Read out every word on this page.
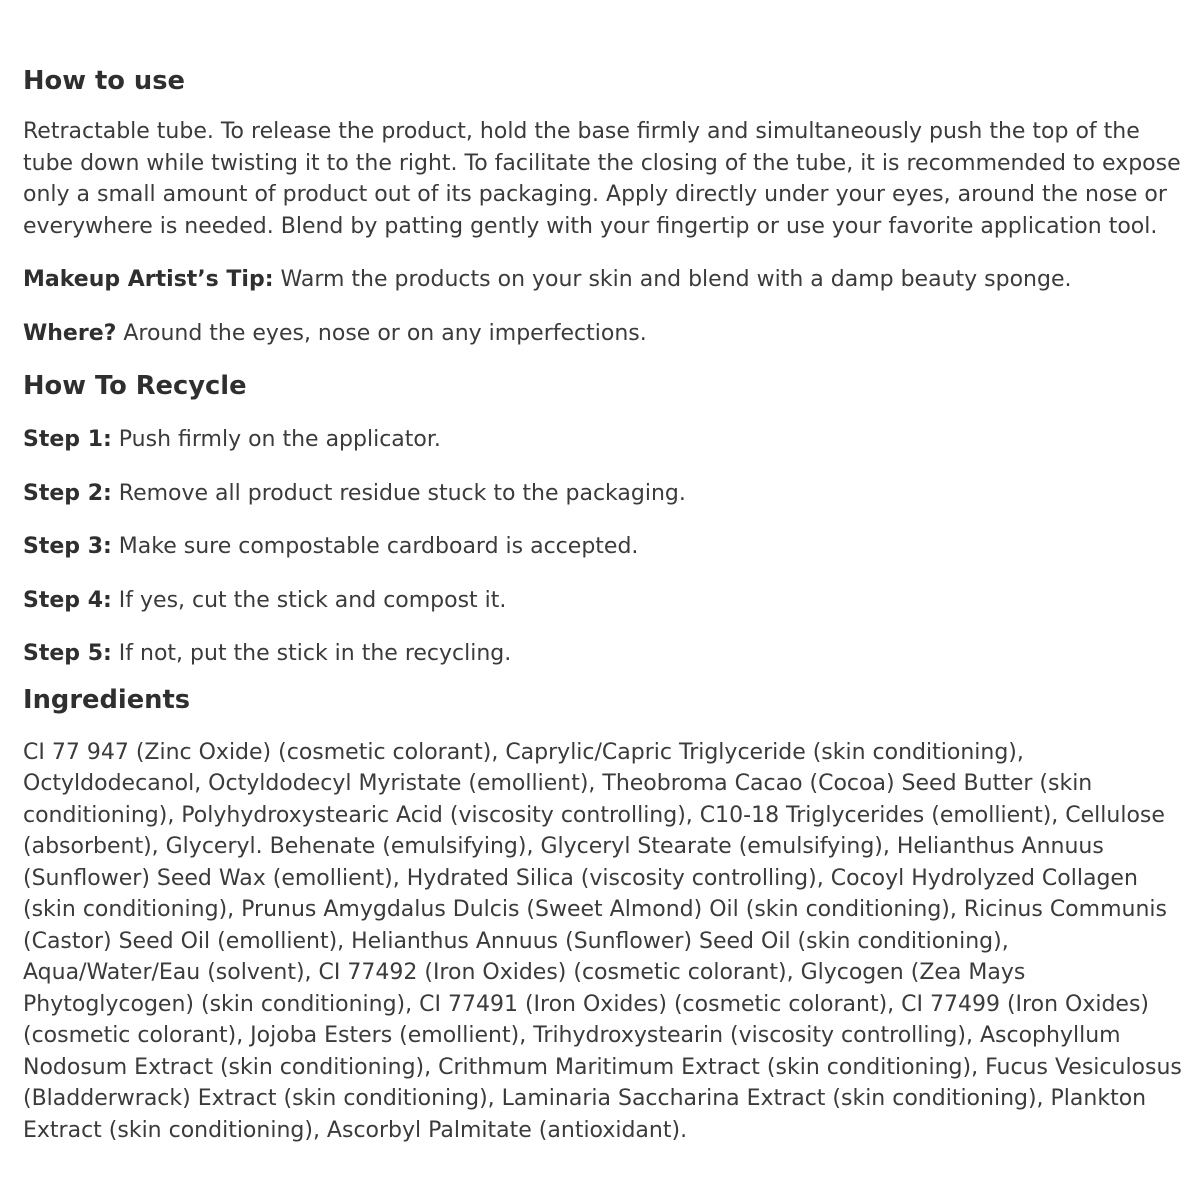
How to use

Retractable tube. To release the product, hold the base firmly and simultaneously push the top of the tube down while twisting it to the right. To facilitate the closing of the tube, it is recommended to expose only a small amount of product out of its packaging. Apply directly under your eyes, around the nose or everywhere is needed. Blend by patting gently with your fingertip or use your favorite application tool.

Makeup Artist’s Tip: Warm the products on your skin and blend with a damp beauty sponge.

Where? Around the eyes, nose or on any imperfections.

How To Recycle

Step 1: Push firmly on the applicator.

Step 2: Remove all product residue stuck to the packaging.

Step 3: Make sure compostable cardboard is accepted.

Step 4: If yes, cut the stick and compost it.

Step 5: If not, put the stick in the recycling.

Ingredients

CI 77 947 (Zinc Oxide) (cosmetic colorant), Caprylic/Capric Triglyceride (skin conditioning), Octyldodecanol, Octyldodecyl Myristate (emollient), Theobroma Cacao (Cocoa) Seed Butter (skin conditioning), Polyhydroxystearic Acid (viscosity controlling), C10-18 Triglycerides (emollient), Cellulose (absorbent), Glyceryl. Behenate (emulsifying), Glyceryl Stearate (emulsifying), Helianthus Annuus (Sunflower) Seed Wax (emollient), Hydrated Silica (viscosity controlling), Cocoyl Hydrolyzed Collagen (skin conditioning), Prunus Amygdalus Dulcis (Sweet Almond) Oil (skin conditioning), Ricinus Communis (Castor) Seed Oil (emollient), Helianthus Annuus (Sunflower) Seed Oil (skin conditioning), Aqua/Water/Eau (solvent), CI 77492 (Iron Oxides) (cosmetic colorant), Glycogen (Zea Mays Phytoglycogen) (skin conditioning), CI 77491 (Iron Oxides) (cosmetic colorant), CI 77499 (Iron Oxides) (cosmetic colorant), Jojoba Esters (emollient), Trihydroxystearin (viscosity controlling), Ascophyllum Nodosum Extract (skin conditioning), Crithmum Maritimum Extract (skin conditioning), Fucus Vesiculosus (Bladderwrack) Extract (skin conditioning), Laminaria Saccharina Extract (skin conditioning), Plankton Extract (skin conditioning), Ascorbyl Palmitate (antioxidant).
